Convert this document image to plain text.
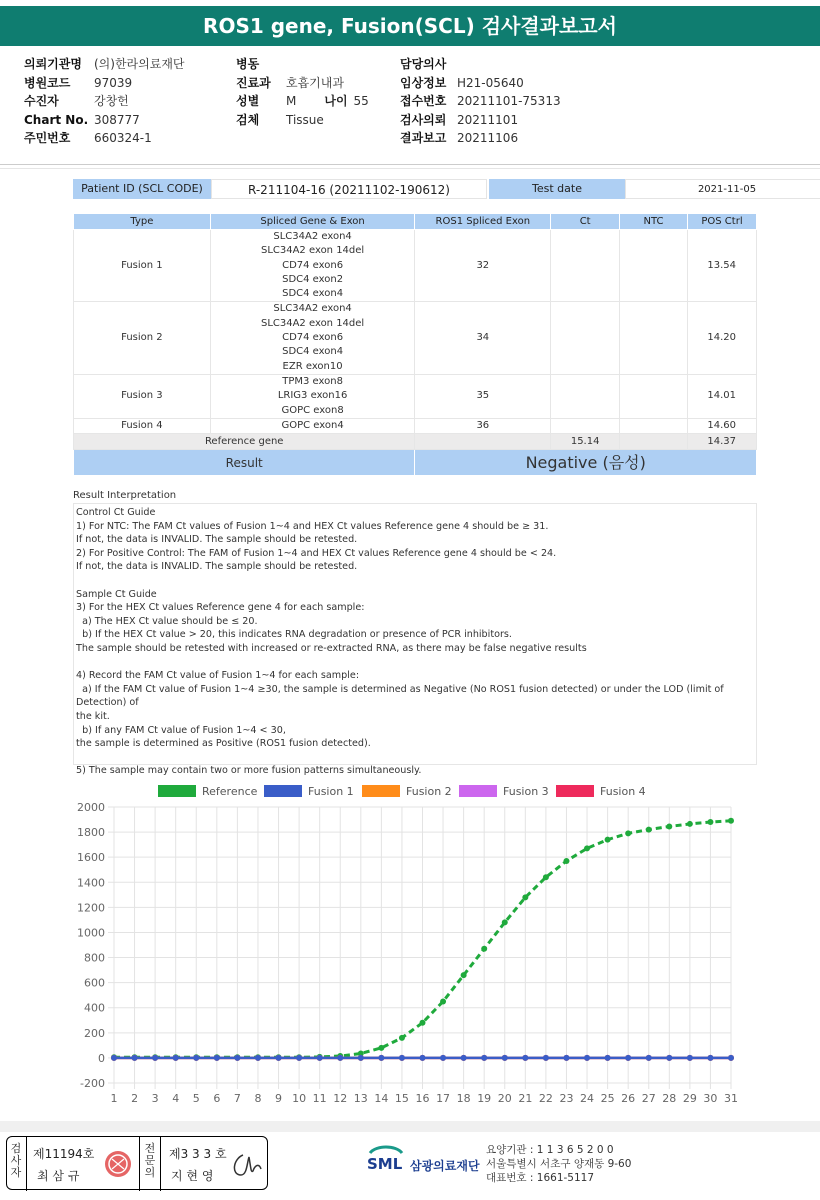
ROS1 gene, Fusion(SCL) 검사결과보고서
의뢰기관명 (의)한라의료재단
병원코드 97039
수진자	강창헌
Chart No. 308777
주민번호 660324-1
병동
진료과 호흡기내과
성별 M 나이 55
검체 Tissue
담당의사
임상정보 H21-05640
접수번호 20211101-75313
검사의뢰 20211101
결과보고 20211106
Patient ID (SCL CODE)	R-211104-16 (20211102-190612)	Test date	2021-11-05
Type	Spliced Gene & Exon	ROS1 Spliced Exon	Ct	NTC	POS Ctrl
Fusion 1	SLC34A2 exon4
SLC34A2 exon 14del
CD74 exon6
SDC4 exon2
SDC4 exon4	32			13.54
Fusion 2	SLC34A2 exon4
SLC34A2 exon 14del
CD74 exon6
SDC4 exon4
EZR exon10	34			14.20
Fusion 3	TPM3 exon8
LRIG3 exon16
GOPC exon8	35			14.01
Fusion 4	GOPC exon4	36			14.60
Reference gene			15.14		14.37
Result		Negative (음성)			
Result Interpretation
Control Ct Guide
1) For NTC: The FAM Ct values of Fusion 1~4 and HEX Ct values Reference gene 4 should be ≥ 31.
If not, the data is INVALID. The sample should be retested.
2) For Positive Control: The FAM of Fusion 1~4 and HEX Ct values Reference gene 4 should be < 24.
If not, the data is INVALID. The sample should be retested.

Sample Ct Guide
3) For the HEX Ct values Reference gene 4 for each sample:
a) The HEX Ct value should be ≤ 20.
b) If the HEX Ct value > 20, this indicates RNA degradation or presence of PCR inhibitors.
The sample should be retested with increased or re-extracted RNA, as there may be false negative results

4) Record the FAM Ct value of Fusion 1~4 for each sample:
a) If the FAM Ct value of Fusion 1~4 ≥30, the sample is determined as Negative (No ROS1 fusion detected) or under the LOD (limit of Detection) of
the kit.
b) If any FAM Ct value of Fusion 1~4 < 30,
the sample is determined as Positive (ROS1 fusion detected).

5) The sample may contain two or more fusion patterns simultaneously.
Reference	Fusion 1	Fusion 2	Fusion 3	Fusion 4
-200
0
200
400
600
800
1000
1200
1400
1600
1800
2000
1 2 3 4 5 6 7 8 9 10 11 12 13 14 15 16 17 18 19 20 21 22 23 24 25 26 27 28 29 30 31
검사자
제11194호
최 삼 규
전문의
제3 3 3 호
지 현 영
SML 삼광의료재단
요양기관 : 1 1 3 6 5 2 0 0
서울특별시 서초구 양재동 9-60
대표번호 : 1661-5117
